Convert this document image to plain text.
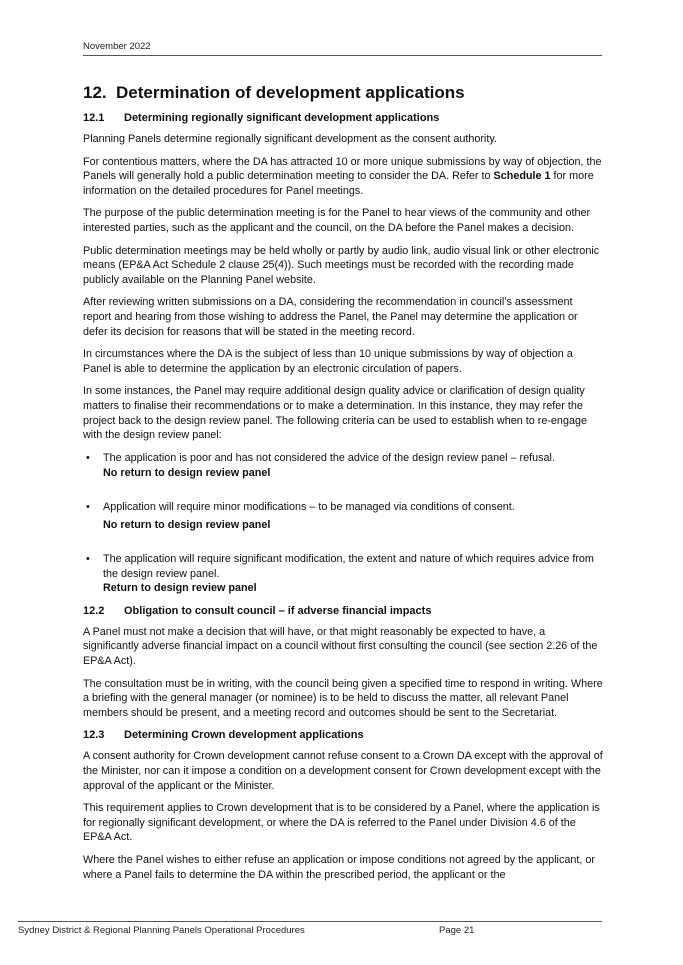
November 2022
12. Determination of development applications
12.1 Determining regionally significant development applications

Planning Panels determine regionally significant development as the consent authority.

For contentious matters, where the DA has attracted 10 or more unique submissions by way of objection, the Panels will generally hold a public determination meeting to consider the DA. Refer to Schedule 1 for more information on the detailed procedures for Panel meetings.

The purpose of the public determination meeting is for the Panel to hear views of the community and other interested parties, such as the applicant and the council, on the DA before the Panel makes a decision.

Public determination meetings may be held wholly or partly by audio link, audio visual link or other electronic means (EP&A Act Schedule 2 clause 25(4)). Such meetings must be recorded with the recording made publicly available on the Planning Panel website.

After reviewing written submissions on a DA, considering the recommendation in council’s assessment report and hearing from those wishing to address the Panel, the Panel may determine the application or defer its decision for reasons that will be stated in the meeting record.

In circumstances where the DA is the subject of less than 10 unique submissions by way of objection a Panel is able to determine the application by an electronic circulation of papers.

In some instances, the Panel may require additional design quality advice or clarification of design quality matters to finalise their recommendations or to make a determination. In this instance, they may refer the project back to the design review panel. The following criteria can be used to establish when to re-engage with the design review panel:

• The application is poor and has not considered the advice of the design review panel – refusal.
No return to design review panel
• Application will require minor modifications – to be managed via conditions of consent.
No return to design review panel
• The application will require significant modification, the extent and nature of which requires advice from the design review panel.
Return to design review panel
12.2 Obligation to consult council – if adverse financial impacts

A Panel must not make a decision that will have, or that might reasonably be expected to have, a significantly adverse financial impact on a council without first consulting the council (see section 2.26 of the EP&A Act).

The consultation must be in writing, with the council being given a specified time to respond in writing. Where a briefing with the general manager (or nominee) is to be held to discuss the matter, all relevant Panel members should be present, and a meeting record and outcomes should be sent to the Secretariat.

12.3 Determining Crown development applications

A consent authority for Crown development cannot refuse consent to a Crown DA except with the approval of the Minister, nor can it impose a condition on a development consent for Crown development except with the approval of the applicant or the Minister.

This requirement applies to Crown development that is to be considered by a Panel, where the application is for regionally significant development, or where the DA is referred to the Panel under Division 4.6 of the EP&A Act.

Where the Panel wishes to either refuse an application or impose conditions not agreed by the applicant, or where a Panel fails to determine the DA within the prescribed period, the applicant or the

Sydney District & Regional Planning Panels Operational Procedures	Page 21
